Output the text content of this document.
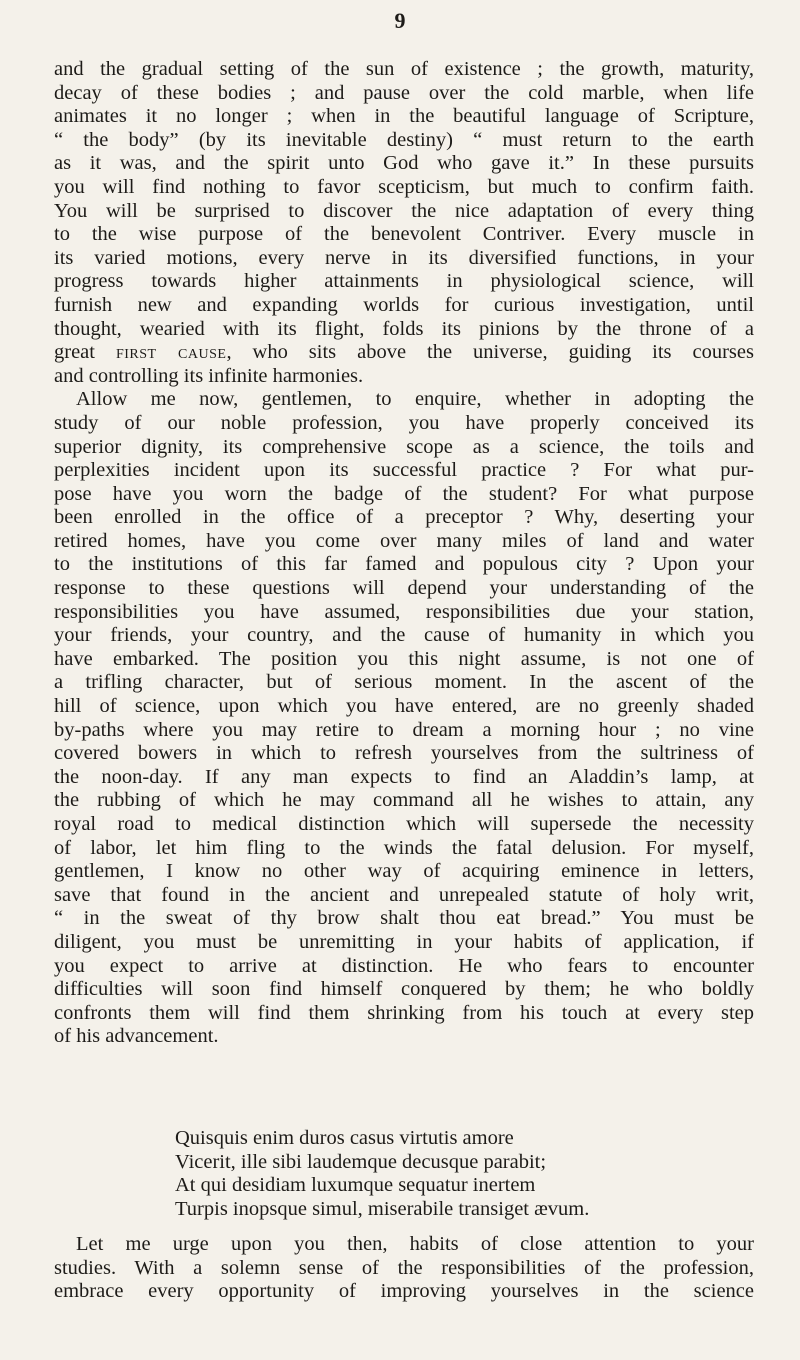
9
and the gradual setting of the sun of existence ; the growth, maturity,
decay of these bodies ; and pause over the cold marble, when life
animates it no longer ; when in the beautiful language of Scripture,
“ the body” (by its inevitable destiny) “ must return to the earth
as it was, and the spirit unto God who gave it.” In these pursuits
you will find nothing to favor scepticism, but much to confirm faith.
You will be surprised to discover the nice adaptation of every thing
to the wise purpose of the benevolent Contriver. Every muscle in
its varied motions, every nerve in its diversified functions, in your
progress towards higher attainments in physiological science, will
furnish new and expanding worlds for curious investigation, until
thought, wearied with its flight, folds its pinions by the throne of a
great first cause, who sits above the universe, guiding its courses
and controlling its infinite harmonies.
Allow me now, gentlemen, to enquire, whether in adopting the
study of our noble profession, you have properly conceived its
superior dignity, its comprehensive scope as a science, the toils and
perplexities incident upon its successful practice ? For what pur-
pose have you worn the badge of the student? For what purpose
been enrolled in the office of a preceptor ? Why, deserting your
retired homes, have you come over many miles of land and water
to the institutions of this far famed and populous city ? Upon your
response to these questions will depend your understanding of the
responsibilities you have assumed, responsibilities due your station,
your friends, your country, and the cause of humanity in which you
have embarked. The position you this night assume, is not one of
a trifling character, but of serious moment. In the ascent of the
hill of science, upon which you have entered, are no greenly shaded
by-paths where you may retire to dream a morning hour ; no vine
covered bowers in which to refresh yourselves from the sultriness of
the noon-day. If any man expects to find an Aladdin’s lamp, at
the rubbing of which he may command all he wishes to attain, any
royal road to medical distinction which will supersede the necessity
of labor, let him fling to the winds the fatal delusion. For myself,
gentlemen, I know no other way of acquiring eminence in letters,
save that found in the ancient and unrepealed statute of holy writ,
“ in the sweat of thy brow shalt thou eat bread.” You must be
diligent, you must be unremitting in your habits of application, if
you expect to arrive at distinction. He who fears to encounter
difficulties will soon find himself conquered by them; he who boldly
confronts them will find them shrinking from his touch at every step
of his advancement.
Quisquis enim duros casus virtutis amore
Vicerit, ille sibi laudemque decusque parabit;
At qui desidiam luxumque sequatur inertem
Turpis inopsque simul, miserabile transiget ævum.
Let me urge upon you then, habits of close attention to your
studies. With a solemn sense of the responsibilities of the profession,
embrace every opportunity of improving yourselves in the science
